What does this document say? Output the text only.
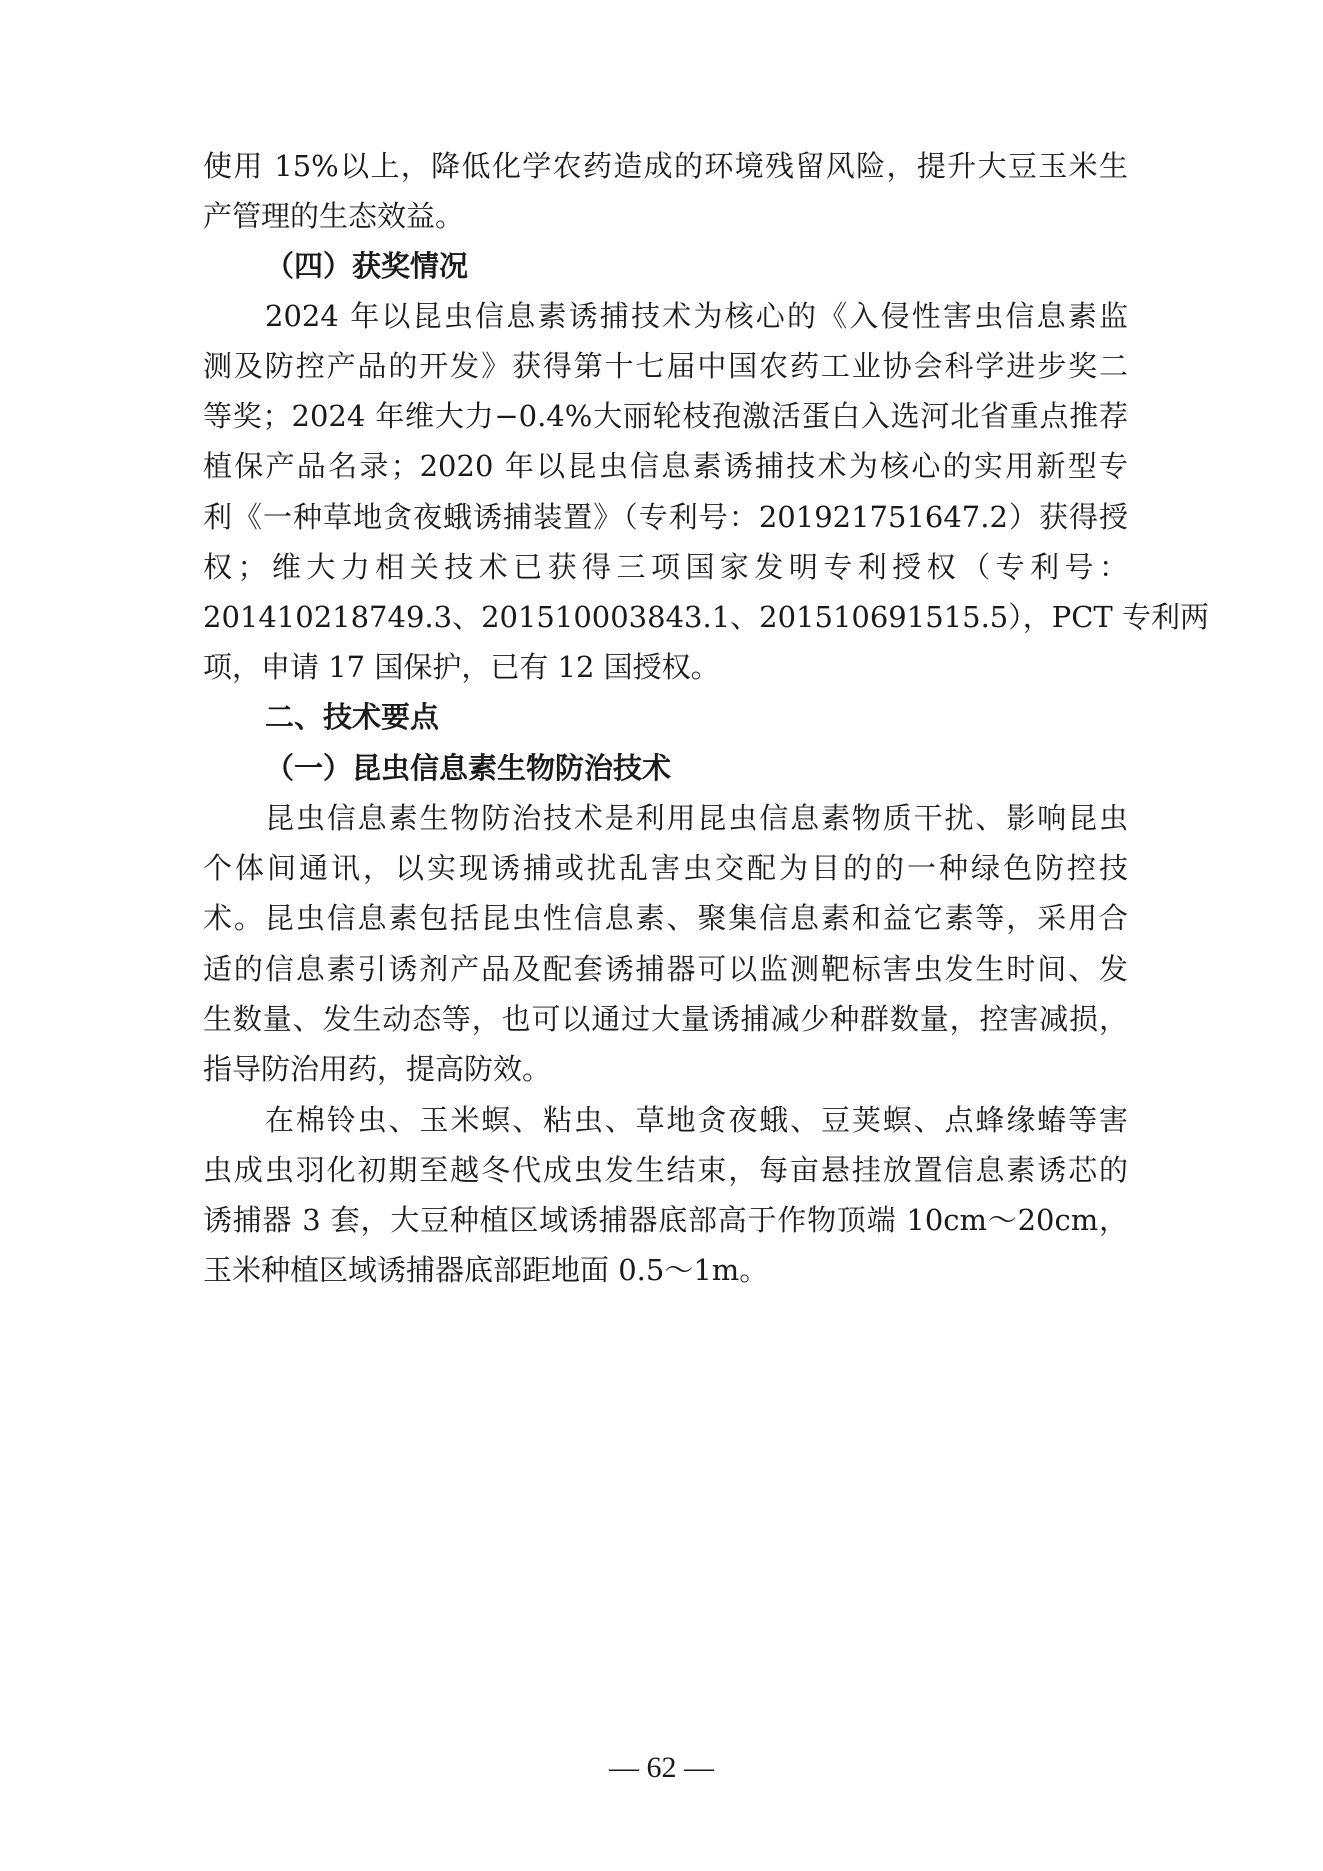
使用 15%以上，降低化学农药造成的环境残留风险，提升大豆玉米生
产管理的生态效益。
（四）获奖情况
2024 年以昆虫信息素诱捕技术为核心的《入侵性害虫信息素监
测及防控产品的开发》获得第十七届中国农药工业协会科学进步奖二
等奖；2024 年维大力−0.4%大丽轮枝孢激活蛋白入选河北省重点推荐
植保产品名录；2020 年以昆虫信息素诱捕技术为核心的实用新型专
利《一种草地贪夜蛾诱捕装置》（专利号：201921751647.2）获得授
权；维大力相关技术已获得三项国家发明专利授权（专利号：
201410218749.3、201510003843.1、201510691515.5），PCT 专利两
项，申请 17 国保护，已有 12 国授权。
二、技术要点
（一）昆虫信息素生物防治技术
昆虫信息素生物防治技术是利用昆虫信息素物质干扰、影响昆虫
个体间通讯，以实现诱捕或扰乱害虫交配为目的的一种绿色防控技
术。昆虫信息素包括昆虫性信息素、聚集信息素和益它素等，采用合
适的信息素引诱剂产品及配套诱捕器可以监测靶标害虫发生时间、发
生数量、发生动态等，也可以通过大量诱捕减少种群数量，控害减损，
指导防治用药，提高防效。
在棉铃虫、玉米螟、粘虫、草地贪夜蛾、豆荚螟、点蜂缘蝽等害
虫成虫羽化初期至越冬代成虫发生结束，每亩悬挂放置信息素诱芯的
诱捕器 3 套，大豆种植区域诱捕器底部高于作物顶端 10cm～20cm，
玉米种植区域诱捕器底部距地面 0.5～1m。
— 62 —
